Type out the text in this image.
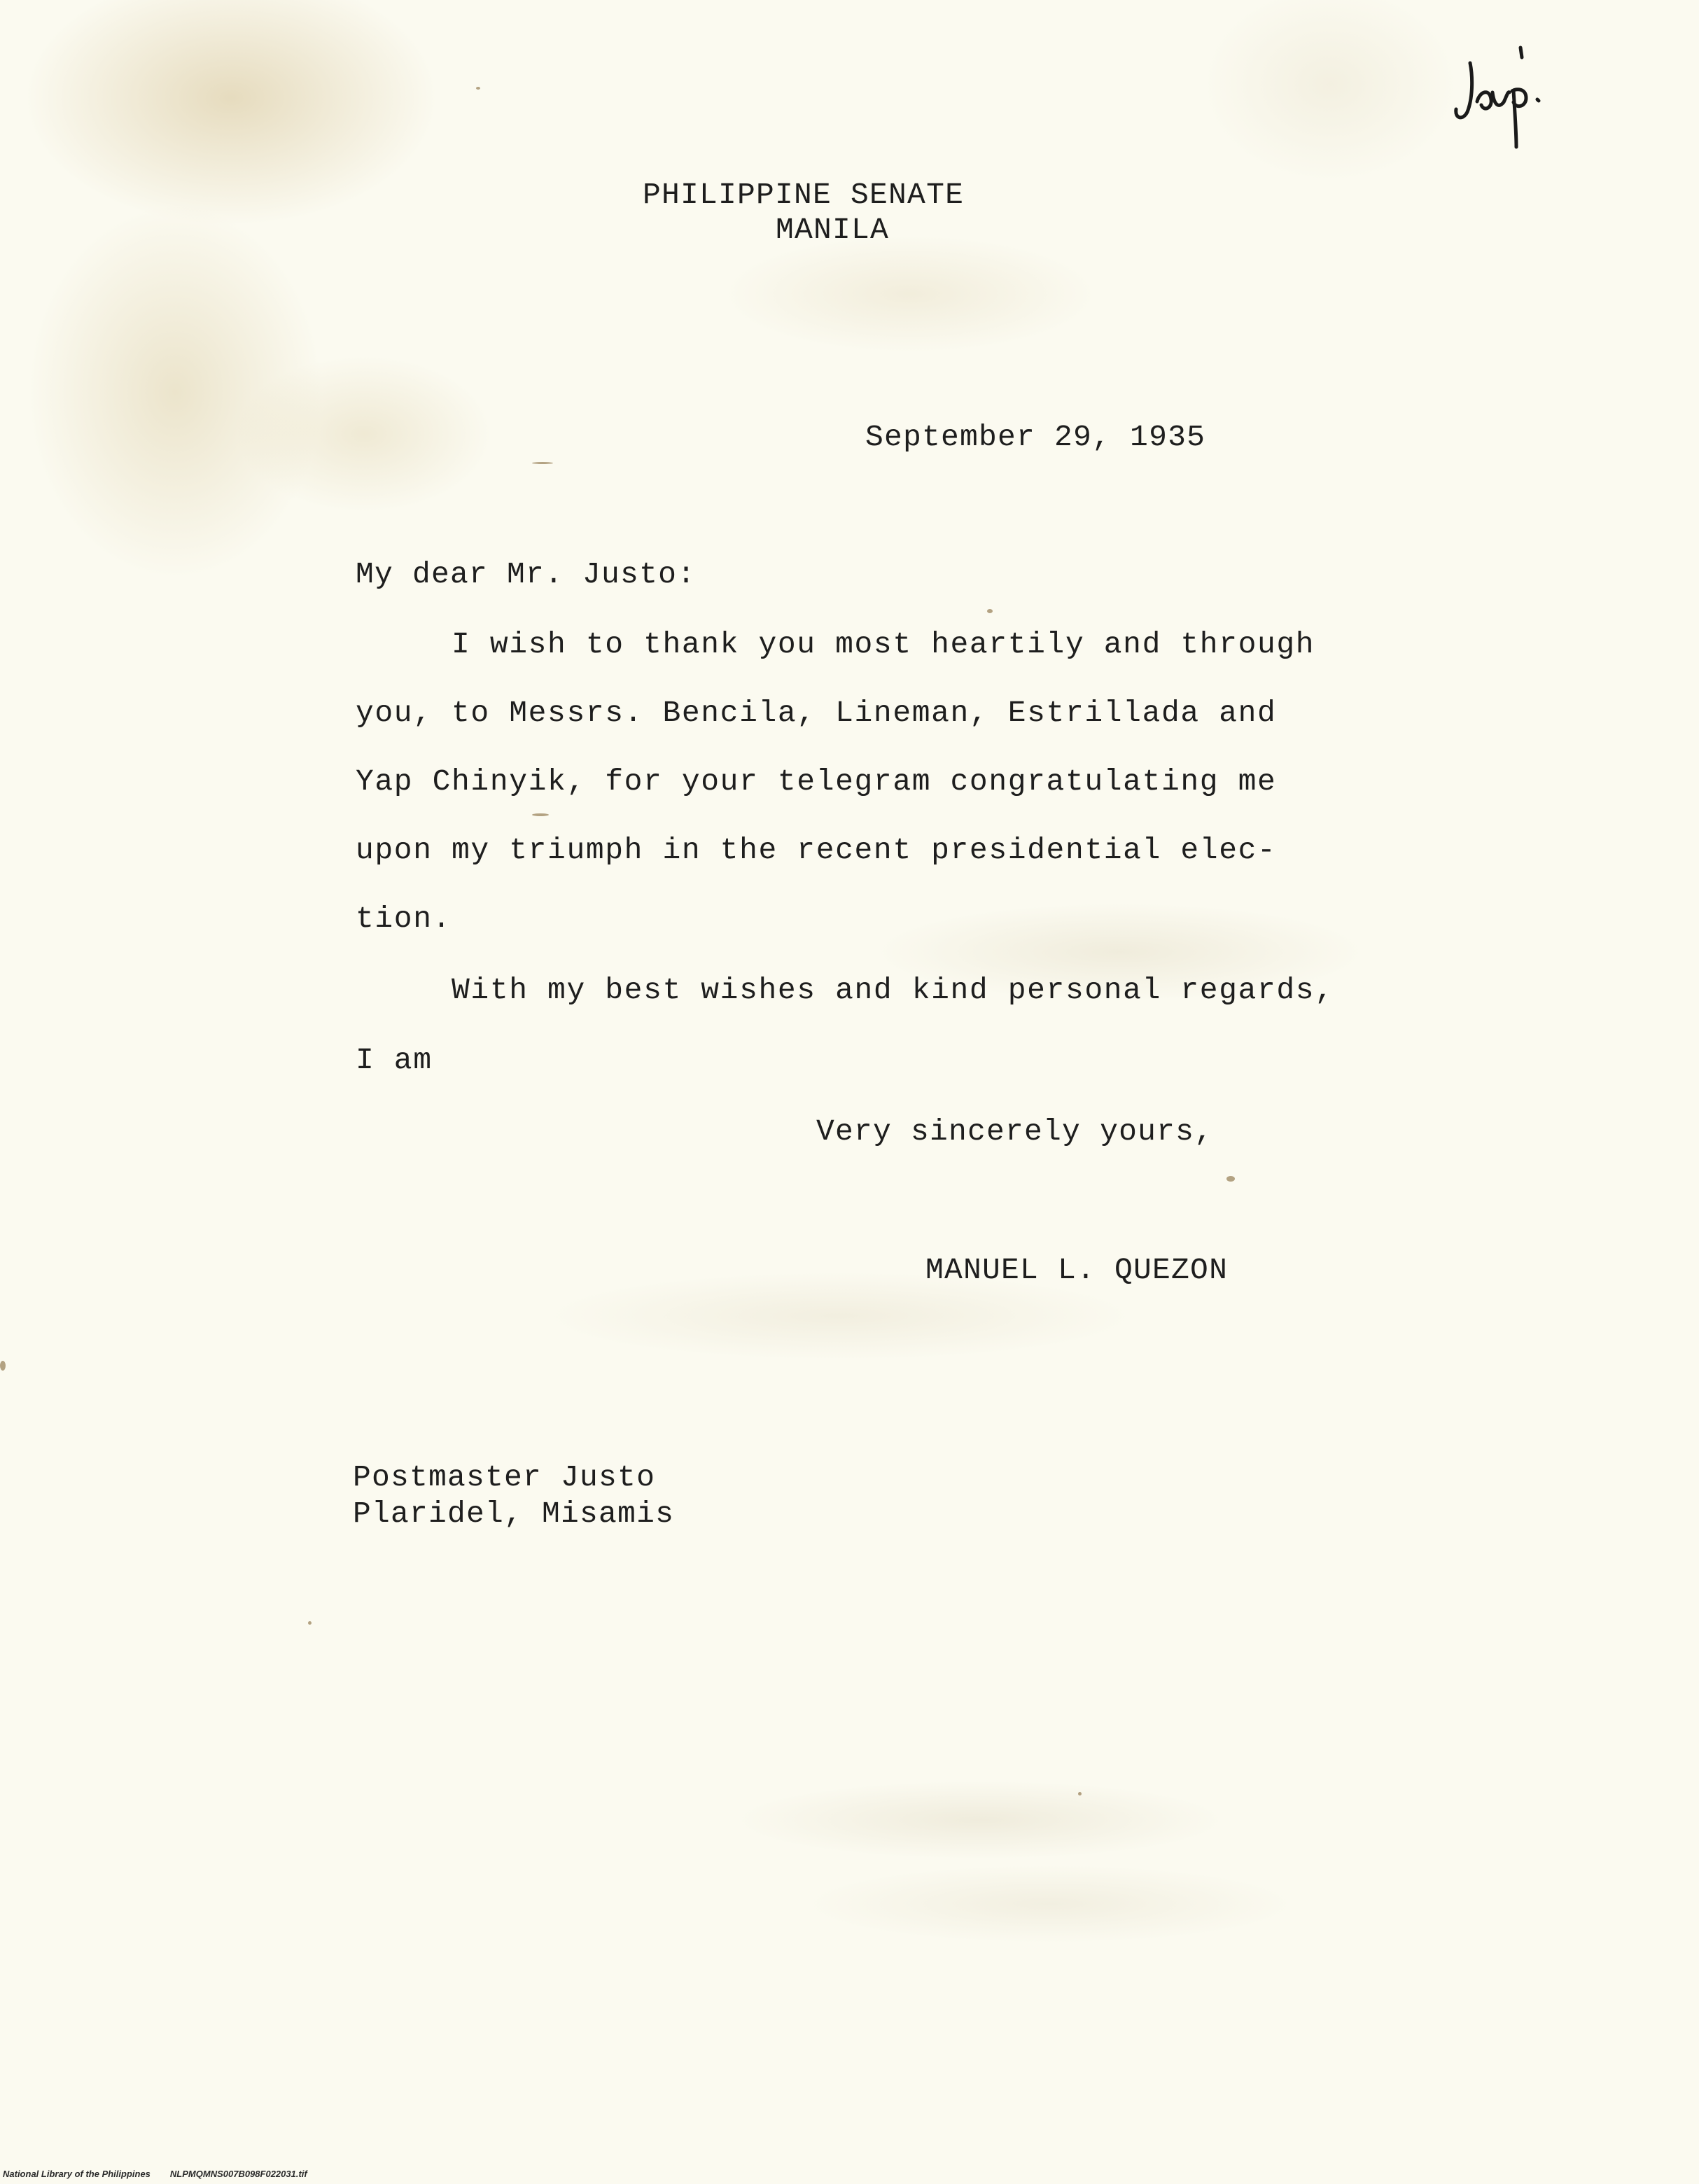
PHILIPPINE SENATE

MANILA

September 29, 1935

My dear Mr. Justo:

I wish to thank you most heartily and through

you, to Messrs. Bencila, Lineman, Estrillada and

Yap Chinyik, for your telegram congratulating me

upon my triumph in the recent presidential elec-

tion.

With my best wishes and kind personal regards,

I am

Very sincerely yours,

MANUEL L. QUEZON

Postmaster Justo

Plaridel, Misamis

National Library of the Philippines NLPMQMNS007B098F022031.tif
